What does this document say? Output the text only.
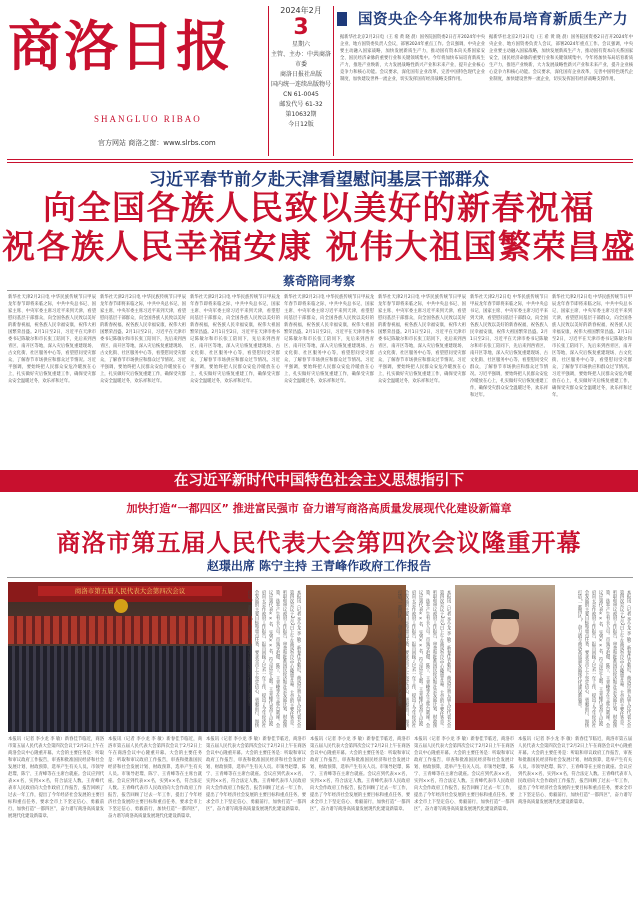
商洛日报
SHANGLUO RIBAO
官方网站 商洛之窗：www.slrbs.com
2024年2月
3
星期六
主管、主办：中共商洛市委
商洛日报社出版
国内统一连续出版物号
CN 61-0045
邮发代号 61-32
第10632期
今日12版
国资央企今年将加快布局培育新质生产力
据新华社北京2月2日电（王 希 黄 晓 晨）国务院国资委2日召开2024年中央企业、地方国资委负责人会议，部署2024年重点工作。会议强调，中央企业要主动融入国家战略，加快发展新质生产力，推动国有资本向关系国家安全、国民经济命脉的重要行业和关键领域集中。今年将加快布局培育新质生产力，推进产业焕新，大力发展战略性新兴产业和未来产业，提升企业核心竞争力和核心功能。会议要求，深化国有企业改革，完善中国特色现代企业制度，加快建设世界一流企业，切实发挥国有经济战略支撑作用。
据新华社北京2月2日电（王 希 黄 晓 晨）国务院国资委2日召开2024年中央企业、地方国资委负责人会议，部署2024年重点工作。会议强调，中央企业要主动融入国家战略，加快发展新质生产力，推动国有资本向关系国家安全、国民经济命脉的重要行业和关键领域集中。今年将加快布局培育新质生产力，推进产业焕新，大力发展战略性新兴产业和未来产业，提升企业核心竞争力和核心功能。会议要求，深化国有企业改革，完善中国特色现代企业制度，加快建设世界一流企业，切实发挥国有经济战略支撑作用。
习近平春节前夕赴天津看望慰问基层干部群众
向全国各族人民致以美好的新春祝福
祝各族人民幸福安康 祝伟大祖国繁荣昌盛
蔡奇陪同考察
新华社天津2月2日电 中华民族传统节日甲辰龙年春节即将来临之际，中共中央总书记、国家主席、中央军委主席习近平来到天津，看望慰问基层干部群众，向全国各族人民致以美好的新春祝福，祝各族人民幸福安康，祝伟大祖国繁荣昌盛。2月1日至2日，习近平在天津市委书记陈敏尔和市长张工陪同下，先后来到西青区、南开区等地，深入灾后恢复重建现场、古文化街、社区服务中心等，看望慰问受灾群众，了解春节市场供应和群众过节情况。习近平强调，要始终把人民群众安危冷暖放在心上，扎实做好灾后恢复重建工作，确保受灾群众安全温暖过冬，欢乐祥和过年。
新华社天津2月2日电 中华民族传统节日甲辰龙年春节即将来临之际，中共中央总书记、国家主席、中央军委主席习近平来到天津，看望慰问基层干部群众，向全国各族人民致以美好的新春祝福，祝各族人民幸福安康，祝伟大祖国繁荣昌盛。2月1日至2日，习近平在天津市委书记陈敏尔和市长张工陪同下，先后来到西青区、南开区等地，深入灾后恢复重建现场、古文化街、社区服务中心等，看望慰问受灾群众，了解春节市场供应和群众过节情况。习近平强调，要始终把人民群众安危冷暖放在心上，扎实做好灾后恢复重建工作，确保受灾群众安全温暖过冬，欢乐祥和过年。
新华社天津2月2日电 中华民族传统节日甲辰龙年春节即将来临之际，中共中央总书记、国家主席、中央军委主席习近平来到天津，看望慰问基层干部群众，向全国各族人民致以美好的新春祝福，祝各族人民幸福安康，祝伟大祖国繁荣昌盛。2月1日至2日，习近平在天津市委书记陈敏尔和市长张工陪同下，先后来到西青区、南开区等地，深入灾后恢复重建现场、古文化街、社区服务中心等，看望慰问受灾群众，了解春节市场供应和群众过节情况。习近平强调，要始终把人民群众安危冷暖放在心上，扎实做好灾后恢复重建工作，确保受灾群众安全温暖过冬，欢乐祥和过年。
新华社天津2月2日电 中华民族传统节日甲辰龙年春节即将来临之际，中共中央总书记、国家主席、中央军委主席习近平来到天津，看望慰问基层干部群众，向全国各族人民致以美好的新春祝福，祝各族人民幸福安康，祝伟大祖国繁荣昌盛。2月1日至2日，习近平在天津市委书记陈敏尔和市长张工陪同下，先后来到西青区、南开区等地，深入灾后恢复重建现场、古文化街、社区服务中心等，看望慰问受灾群众，了解春节市场供应和群众过节情况。习近平强调，要始终把人民群众安危冷暖放在心上，扎实做好灾后恢复重建工作，确保受灾群众安全温暖过冬，欢乐祥和过年。
新华社天津2月2日电 中华民族传统节日甲辰龙年春节即将来临之际，中共中央总书记、国家主席、中央军委主席习近平来到天津，看望慰问基层干部群众，向全国各族人民致以美好的新春祝福，祝各族人民幸福安康，祝伟大祖国繁荣昌盛。2月1日至2日，习近平在天津市委书记陈敏尔和市长张工陪同下，先后来到西青区、南开区等地，深入灾后恢复重建现场、古文化街、社区服务中心等，看望慰问受灾群众，了解春节市场供应和群众过节情况。习近平强调，要始终把人民群众安危冷暖放在心上，扎实做好灾后恢复重建工作，确保受灾群众安全温暖过冬，欢乐祥和过年。
新华社天津2月2日电 中华民族传统节日甲辰龙年春节即将来临之际，中共中央总书记、国家主席、中央军委主席习近平来到天津，看望慰问基层干部群众，向全国各族人民致以美好的新春祝福，祝各族人民幸福安康，祝伟大祖国繁荣昌盛。2月1日至2日，习近平在天津市委书记陈敏尔和市长张工陪同下，先后来到西青区、南开区等地，深入灾后恢复重建现场、古文化街、社区服务中心等，看望慰问受灾群众，了解春节市场供应和群众过节情况。习近平强调，要始终把人民群众安危冷暖放在心上，扎实做好灾后恢复重建工作，确保受灾群众安全温暖过冬，欢乐祥和过年。
新华社天津2月2日电 中华民族传统节日甲辰龙年春节即将来临之际，中共中央总书记、国家主席、中央军委主席习近平来到天津，看望慰问基层干部群众，向全国各族人民致以美好的新春祝福，祝各族人民幸福安康，祝伟大祖国繁荣昌盛。2月1日至2日，习近平在天津市委书记陈敏尔和市长张工陪同下，先后来到西青区、南开区等地，深入灾后恢复重建现场、古文化街、社区服务中心等，看望慰问受灾群众，了解春节市场供应和群众过节情况。习近平强调，要始终把人民群众安危冷暖放在心上，扎实做好灾后恢复重建工作，确保受灾群众安全温暖过冬，欢乐祥和过年。
在习近平新时代中国特色社会主义思想指引下
加快打造“一都四区” 推进富民强市 奋力谱写商洛高质量发展现代化建设新篇章
商洛市第五届人民代表大会第四次会议隆重开幕
赵璟出席 陈宁主持 王青峰作政府工作报告
商洛市第五届人民代表大会第四次会议	本报讯（记者 李小龙 李 敏）新春佳节临近，商洛市第五届人民代表大会第四次会议于2月2日上午在商洛会议中心隆重开幕。大会的主要任务是：听取和审议政府工作报告，审查和批准国民经济和社会发展计划、财政预算，选举产生有关人员。市领导赵璟、陈宁、王青峰等在主席台就座。会议应到代表××名，实到××名，符合法定人数。王青峰代表市人民政府向大会作政府工作报告，报告回顾了过去一年工作，提出了今年经济社会发展的主要目标和重点任务，要求全市上下坚定信心、勇毅前行，加快打造“一都四区”，奋力谱写商洛高质量发展现代化建设新篇章。	本报讯（记者 李小龙 李 敏）新春佳节临近，商洛市第五届人民代表大会第四次会议于2月2日上午在商洛会议中心隆重开幕。大会的主要任务是：听取和审议政府工作报告，审查和批准国民经济和社会发展计划、财政预算，选举产生有关人员。市领导赵璟、陈宁、王青峰等在主席台就座。会议应到代表××名，实到××名，符合法定人数。王青峰代表市人民政府向大会作政府工作报告，报告回顾了过去一年工作，提出了今年经济社会发展的主要目标和重点任务，要求全市上下坚定信心、勇毅前行，加快打造“一都四区”，奋力谱写商洛高质量发展现代化建设新篇章。	本报讯（记者 李小龙 李 敏）新春佳节临近，商洛市第五届人民代表大会第四次会议于2月2日上午在商洛会议中心隆重开幕。大会的主要任务是：听取和审议政府工作报告，审查和批准国民经济和社会发展计划、财政预算，选举产生有关人员。市领导赵璟、陈宁、王青峰等在主席台就座。会议应到代表××名，实到××名，符合法定人数。王青峰代表市人民政府向大会作政府工作报告，报告回顾了过去一年工作，提出了今年经济社会发展的主要目标和重点任务，要求全市上下坚定信心、勇毅前行，加快打造“一都四区”，奋力谱写商洛高质量发展现代化建设新篇章。
本报讯（记者 李小龙 李 敏）新春佳节临近，商洛市第五届人民代表大会第四次会议于2月2日上午在商洛会议中心隆重开幕。大会的主要任务是：听取和审议政府工作报告，审查和批准国民经济和社会发展计划、财政预算，选举产生有关人员。市领导赵璟、陈宁、王青峰等在主席台就座。会议应到代表××名，实到××名，符合法定人数。王青峰代表市人民政府向大会作政府工作报告，报告回顾了过去一年工作，提出了今年经济社会发展的主要目标和重点任务，要求全市上下坚定信心、勇毅前行，加快打造“一都四区”，奋力谱写商洛高质量发展现代化建设新篇章。
本报讯（记者 李小龙 李 敏）新春佳节临近，商洛市第五届人民代表大会第四次会议于2月2日上午在商洛会议中心隆重开幕。大会的主要任务是：听取和审议政府工作报告，审查和批准国民经济和社会发展计划、财政预算，选举产生有关人员。市领导赵璟、陈宁、王青峰等在主席台就座。会议应到代表××名，实到××名，符合法定人数。王青峰代表市人民政府向大会作政府工作报告，报告回顾了过去一年工作，提出了今年经济社会发展的主要目标和重点任务，要求全市上下坚定信心、勇毅前行，加快打造“一都四区”，奋力谱写商洛高质量发展现代化建设新篇章。
本报讯（记者 李小龙 李 敏）新春佳节临近，商洛市第五届人民代表大会第四次会议于2月2日上午在商洛会议中心隆重开幕。大会的主要任务是：听取和审议政府工作报告，审查和批准国民经济和社会发展计划、财政预算，选举产生有关人员。市领导赵璟、陈宁、王青峰等在主席台就座。会议应到代表××名，实到××名，符合法定人数。王青峰代表市人民政府向大会作政府工作报告，报告回顾了过去一年工作，提出了今年经济社会发展的主要目标和重点任务，要求全市上下坚定信心、勇毅前行，加快打造“一都四区”，奋力谱写商洛高质量发展现代化建设新篇章。
本报讯（记者 李小龙 李 敏）新春佳节临近，商洛市第五届人民代表大会第四次会议于2月2日上午在商洛会议中心隆重开幕。大会的主要任务是：听取和审议政府工作报告，审查和批准国民经济和社会发展计划、财政预算，选举产生有关人员。市领导赵璟、陈宁、王青峰等在主席台就座。会议应到代表××名，实到××名，符合法定人数。王青峰代表市人民政府向大会作政府工作报告，报告回顾了过去一年工作，提出了今年经济社会发展的主要目标和重点任务，要求全市上下坚定信心、勇毅前行，加快打造“一都四区”，奋力谱写商洛高质量发展现代化建设新篇章。
本报讯（记者 李小龙 李 敏）新春佳节临近，商洛市第五届人民代表大会第四次会议于2月2日上午在商洛会议中心隆重开幕。大会的主要任务是：听取和审议政府工作报告，审查和批准国民经济和社会发展计划、财政预算，选举产生有关人员。市领导赵璟、陈宁、王青峰等在主席台就座。会议应到代表××名，实到××名，符合法定人数。王青峰代表市人民政府向大会作政府工作报告，报告回顾了过去一年工作，提出了今年经济社会发展的主要目标和重点任务，要求全市上下坚定信心、勇毅前行，加快打造“一都四区”，奋力谱写商洛高质量发展现代化建设新篇章。
本报讯（记者 李小龙 李 敏）新春佳节临近，商洛市第五届人民代表大会第四次会议于2月2日上午在商洛会议中心隆重开幕。大会的主要任务是：听取和审议政府工作报告，审查和批准国民经济和社会发展计划、财政预算，选举产生有关人员。市领导赵璟、陈宁、王青峰等在主席台就座。会议应到代表××名，实到××名，符合法定人数。王青峰代表市人民政府向大会作政府工作报告，报告回顾了过去一年工作，提出了今年经济社会发展的主要目标和重点任务，要求全市上下坚定信心、勇毅前行，加快打造“一都四区”，奋力谱写商洛高质量发展现代化建设新篇章。
